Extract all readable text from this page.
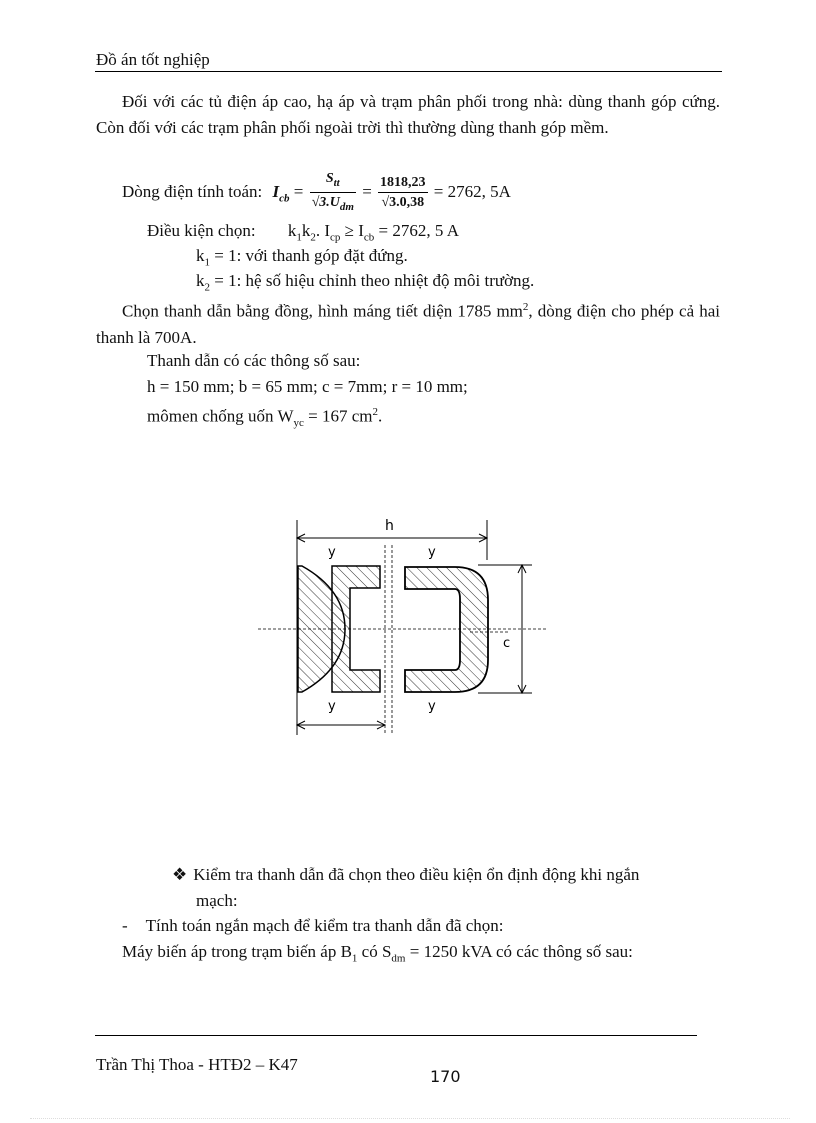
Đồ án tốt nghiệp
Đối với các tủ điện áp cao, hạ áp và trạm phân phối trong nhà: dùng thanh góp cứng. Còn đối với các trạm phân phối ngoài trời thì thường dùng thanh góp mềm.
Dòng điện tính toán: $I_{cb} = \frac{S_{tt}}{√3.U_{dm}} = \frac{1818,23}{√3.0,38} = 2762$, 5A
Điều kiện chọn: $k_1k_2$. $I_{cp} \ge I_{cb} = 2762$, 5 A
$k_1 = 1$: với thanh góp đặt đứng.
$k_2 = 1$: hệ số hiệu chỉnh theo nhiệt độ môi trường.
Chọn thanh dẫn bằng đồng, hình máng tiết diện 1785 $mm^2$, dòng điện cho phép cả hai thanh là 700A.
Thanh dẫn có các thông số sau:
h = 150 mm; b = 65 mm; c = 7mm; r = 10 mm;
mômen chống uốn $W_{yc} = 167$ $cm^2$.
h
y	y
y	y
c
❖ Kiểm tra thanh dẫn đã chọn theo điều kiện ổn định động khi ngắn
mạch:
- Tính toán ngắn mạch để kiểm tra thanh dẫn đã chọn:
Máy biến áp trong trạm biến áp $B_1$ có $S_{dm} = 1250$ kVA có các thông số sau:
Trần Thị Thoa - HTĐ2 – K47
170
